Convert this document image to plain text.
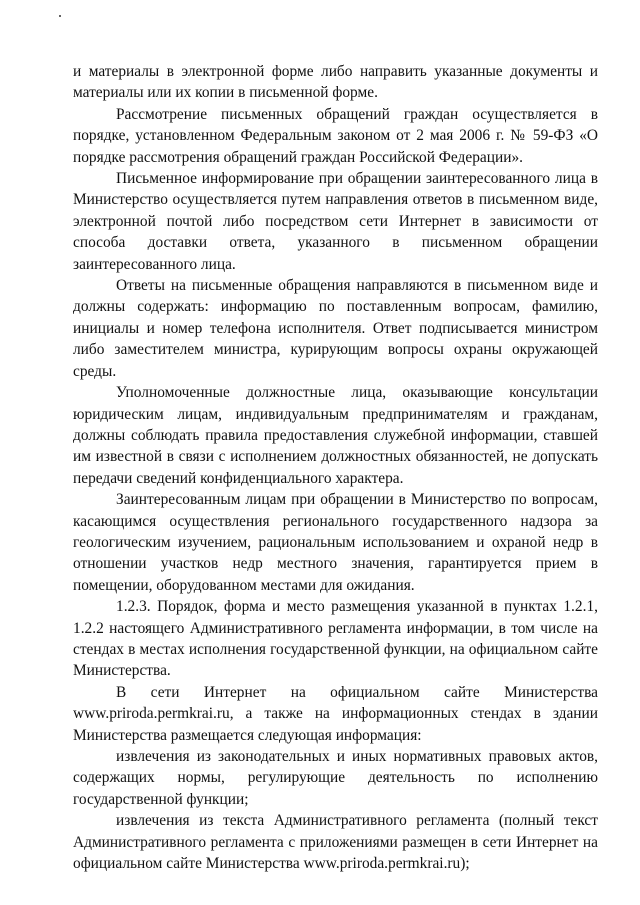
и материалы в электронной форме либо направить указанные документы и материалы или их копии в письменной форме.

Рассмотрение письменных обращений граждан осуществляется в порядке, установленном Федеральным законом от 2 мая 2006 г. № 59-ФЗ «О порядке рассмотрения обращений граждан Российской Федерации».

Письменное информирование при обращении заинтересованного лица в Министерство осуществляется путем направления ответов в письменном виде, электронной почтой либо посредством сети Интернет в зависимости от способа доставки ответа, указанного в письменном обращении заинтересованного лица.

Ответы на письменные обращения направляются в письменном виде и должны содержать: информацию по поставленным вопросам, фамилию, инициалы и номер телефона исполнителя. Ответ подписывается министром либо заместителем министра, курирующим вопросы охраны окружающей среды.

Уполномоченные должностные лица, оказывающие консультации юридическим лицам, индивидуальным предпринимателям и гражданам, должны соблюдать правила предоставления служебной информации, ставшей им известной в связи с исполнением должностных обязанностей, не допускать передачи сведений конфиденциального характера.

Заинтересованным лицам при обращении в Министерство по вопросам, касающимся осуществления регионального государственного надзора за геологическим изучением, рациональным использованием и охраной недр в отношении участков недр местного значения, гарантируется прием в помещении, оборудованном местами для ожидания.

1.2.3. Порядок, форма и место размещения указанной в пунктах 1.2.1, 1.2.2 настоящего Административного регламента информации, в том числе на стендах в местах исполнения государственной функции, на официальном сайте Министерства.

В сети Интернет на официальном сайте Министерства www.priroda.permkrai.ru, а также на информационных стендах в здании Министерства размещается следующая информация:

извлечения из законодательных и иных нормативных правовых актов, содержащих нормы, регулирующие деятельность по исполнению государственной функции;

извлечения из текста Административного регламента (полный текст Административного регламента с приложениями размещен в сети Интернет на официальном сайте Министерства www.priroda.permkrai.ru);
